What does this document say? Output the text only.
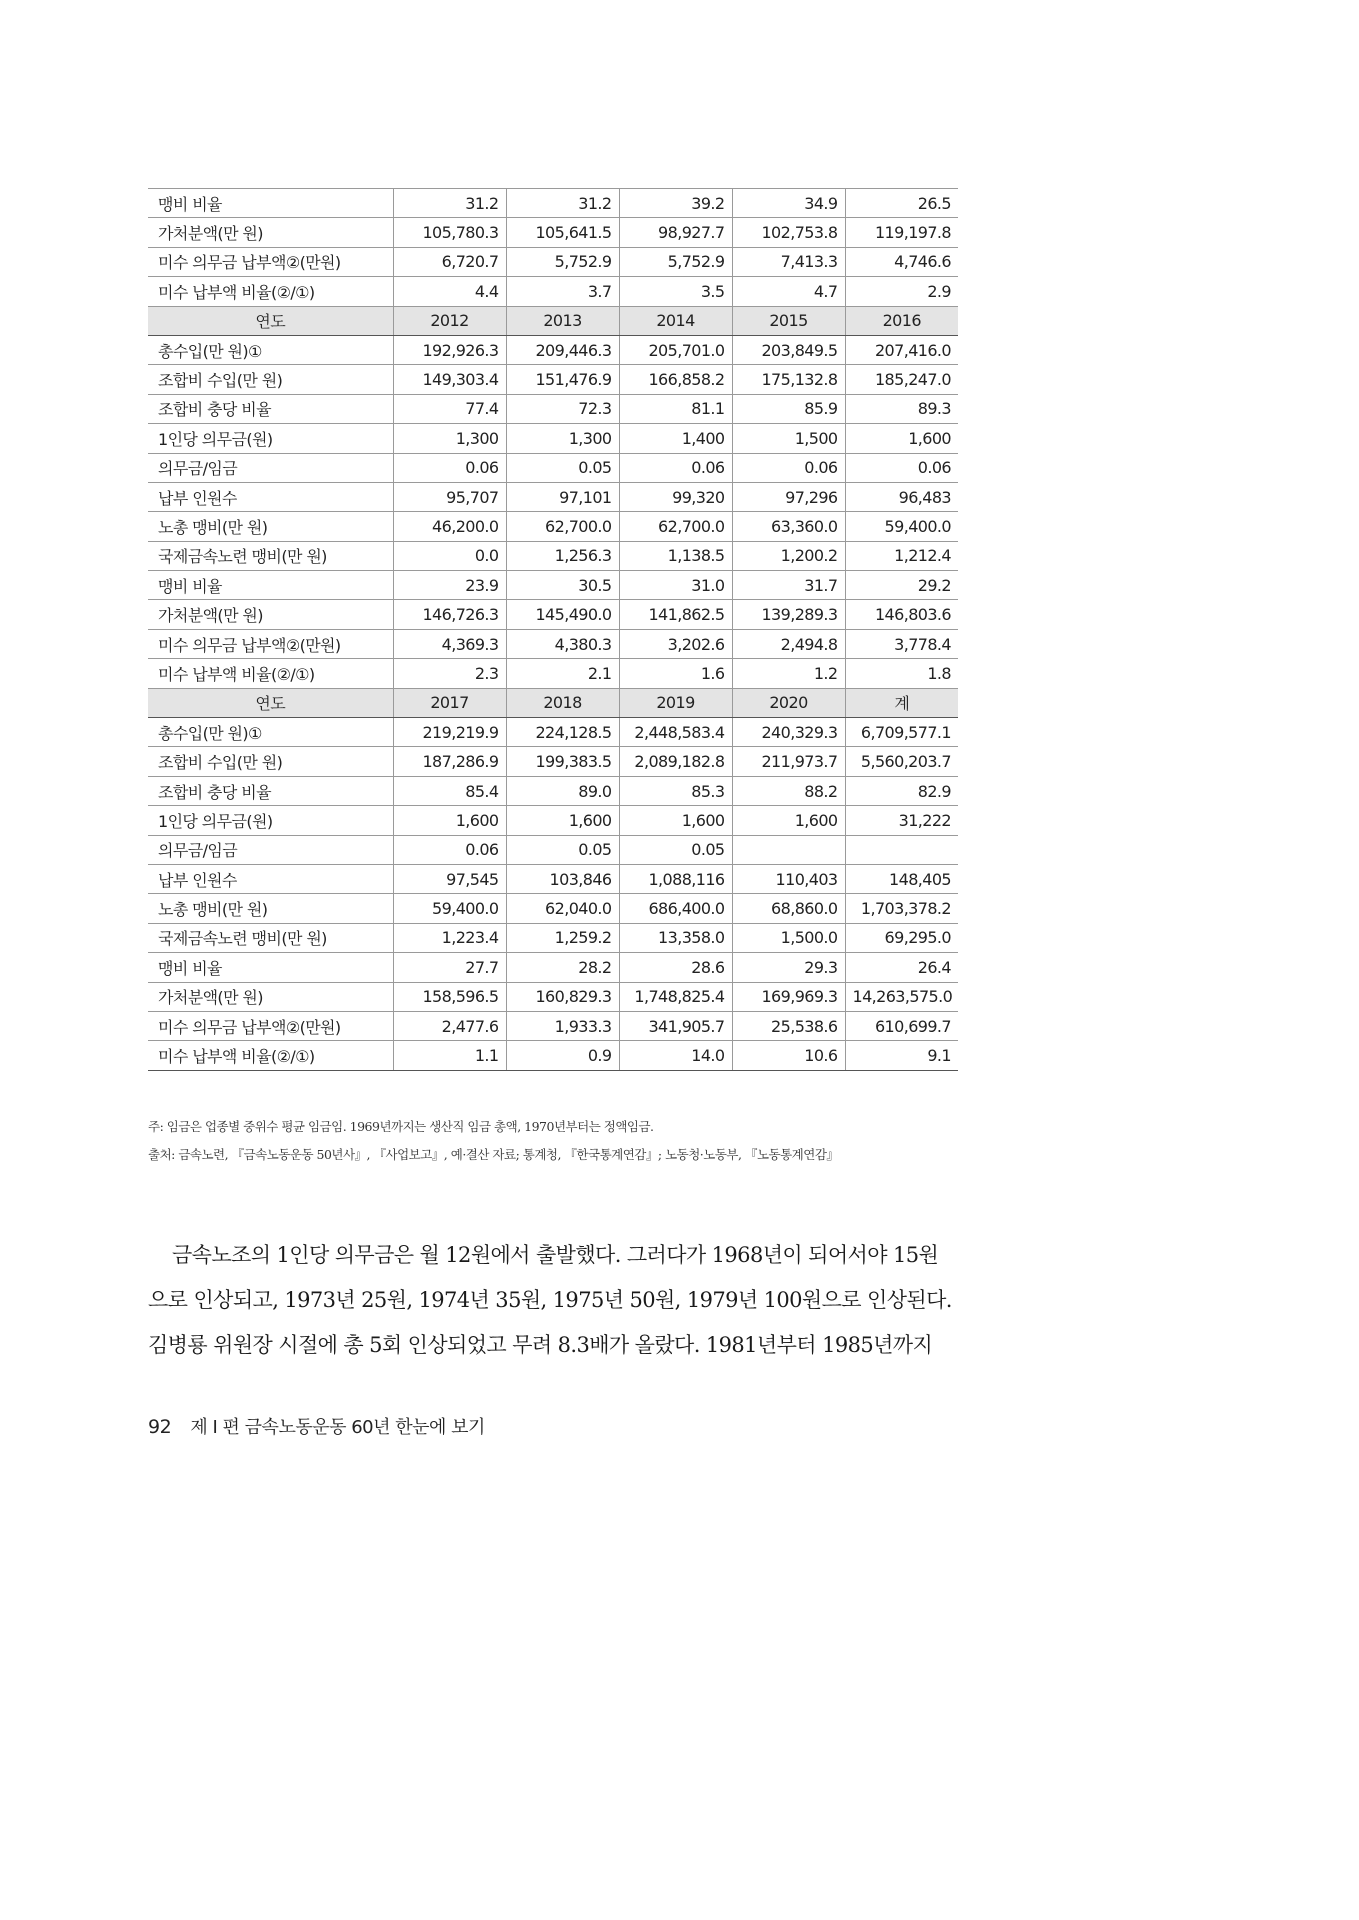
맹비 비율	31.2	31.2	39.2	34.9	26.5
가처분액(만 원)	105,780.3	105,641.5	98,927.7	102,753.8	119,197.8
미수 의무금 납부액②(만원)	6,720.7	5,752.9	5,752.9	7,413.3	4,746.6
미수 납부액 비율(②/①)	4.4	3.7	3.5	4.7	2.9
연도	2012	2013	2014	2015	2016
총수입(만 원)①	192,926.3	209,446.3	205,701.0	203,849.5	207,416.0
조합비 수입(만 원)	149,303.4	151,476.9	166,858.2	175,132.8	185,247.0
조합비 충당 비율	77.4	72.3	81.1	85.9	89.3
1인당 의무금(원)	1,300	1,300	1,400	1,500	1,600
의무금/임금	0.06	0.05	0.06	0.06	0.06
납부 인원수	95,707	97,101	99,320	97,296	96,483
노총 맹비(만 원)	46,200.0	62,700.0	62,700.0	63,360.0	59,400.0
국제금속노련 맹비(만 원)	0.0	1,256.3	1,138.5	1,200.2	1,212.4
맹비 비율	23.9	30.5	31.0	31.7	29.2
가처분액(만 원)	146,726.3	145,490.0	141,862.5	139,289.3	146,803.6
미수 의무금 납부액②(만원)	4,369.3	4,380.3	3,202.6	2,494.8	3,778.4
미수 납부액 비율(②/①)	2.3	2.1	1.6	1.2	1.8
연도	2017	2018	2019	2020	계
총수입(만 원)①	219,219.9	224,128.5	2,448,583.4	240,329.3	6,709,577.1
조합비 수입(만 원)	187,286.9	199,383.5	2,089,182.8	211,973.7	5,560,203.7
조합비 충당 비율	85.4	89.0	85.3	88.2	82.9
1인당 의무금(원)	1,600	1,600	1,600	1,600	31,222
의무금/임금	0.06	0.05	0.05		
납부 인원수	97,545	103,846	1,088,116	110,403	148,405
노총 맹비(만 원)	59,400.0	62,040.0	686,400.0	68,860.0	1,703,378.2
국제금속노련 맹비(만 원)	1,223.4	1,259.2	13,358.0	1,500.0	69,295.0
맹비 비율	27.7	28.2	28.6	29.3	26.4
가처분액(만 원)	158,596.5	160,829.3	1,748,825.4	169,969.3	14,263,575.0
미수 의무금 납부액②(만원)	2,477.6	1,933.3	341,905.7	25,538.6	610,699.7
미수 납부액 비율(②/①)	1.1	0.9	14.0	10.6	9.1
주: 임금은 업종별 중위수 평균 임금임. 1969년까지는 생산직 임금 총액, 1970년부터는 정액임금.
출처: 금속노련, 『금속노동운동 50년사』, 『사업보고』, 예·결산 자료; 통계청, 『한국통계연감』; 노동청·노동부, 『노동통계연감』
금속노조의 1인당 의무금은 월 12원에서 출발했다. 그러다가 1968년이 되어서야 15원
으로 인상되고, 1973년 25원, 1974년 35원, 1975년 50원, 1979년 100원으로 인상된다.
김병룡 위원장 시절에 총 5회 인상되었고 무려 8.3배가 올랐다. 1981년부터 1985년까지
92 제 I 편 금속노동운동 60년 한눈에 보기
